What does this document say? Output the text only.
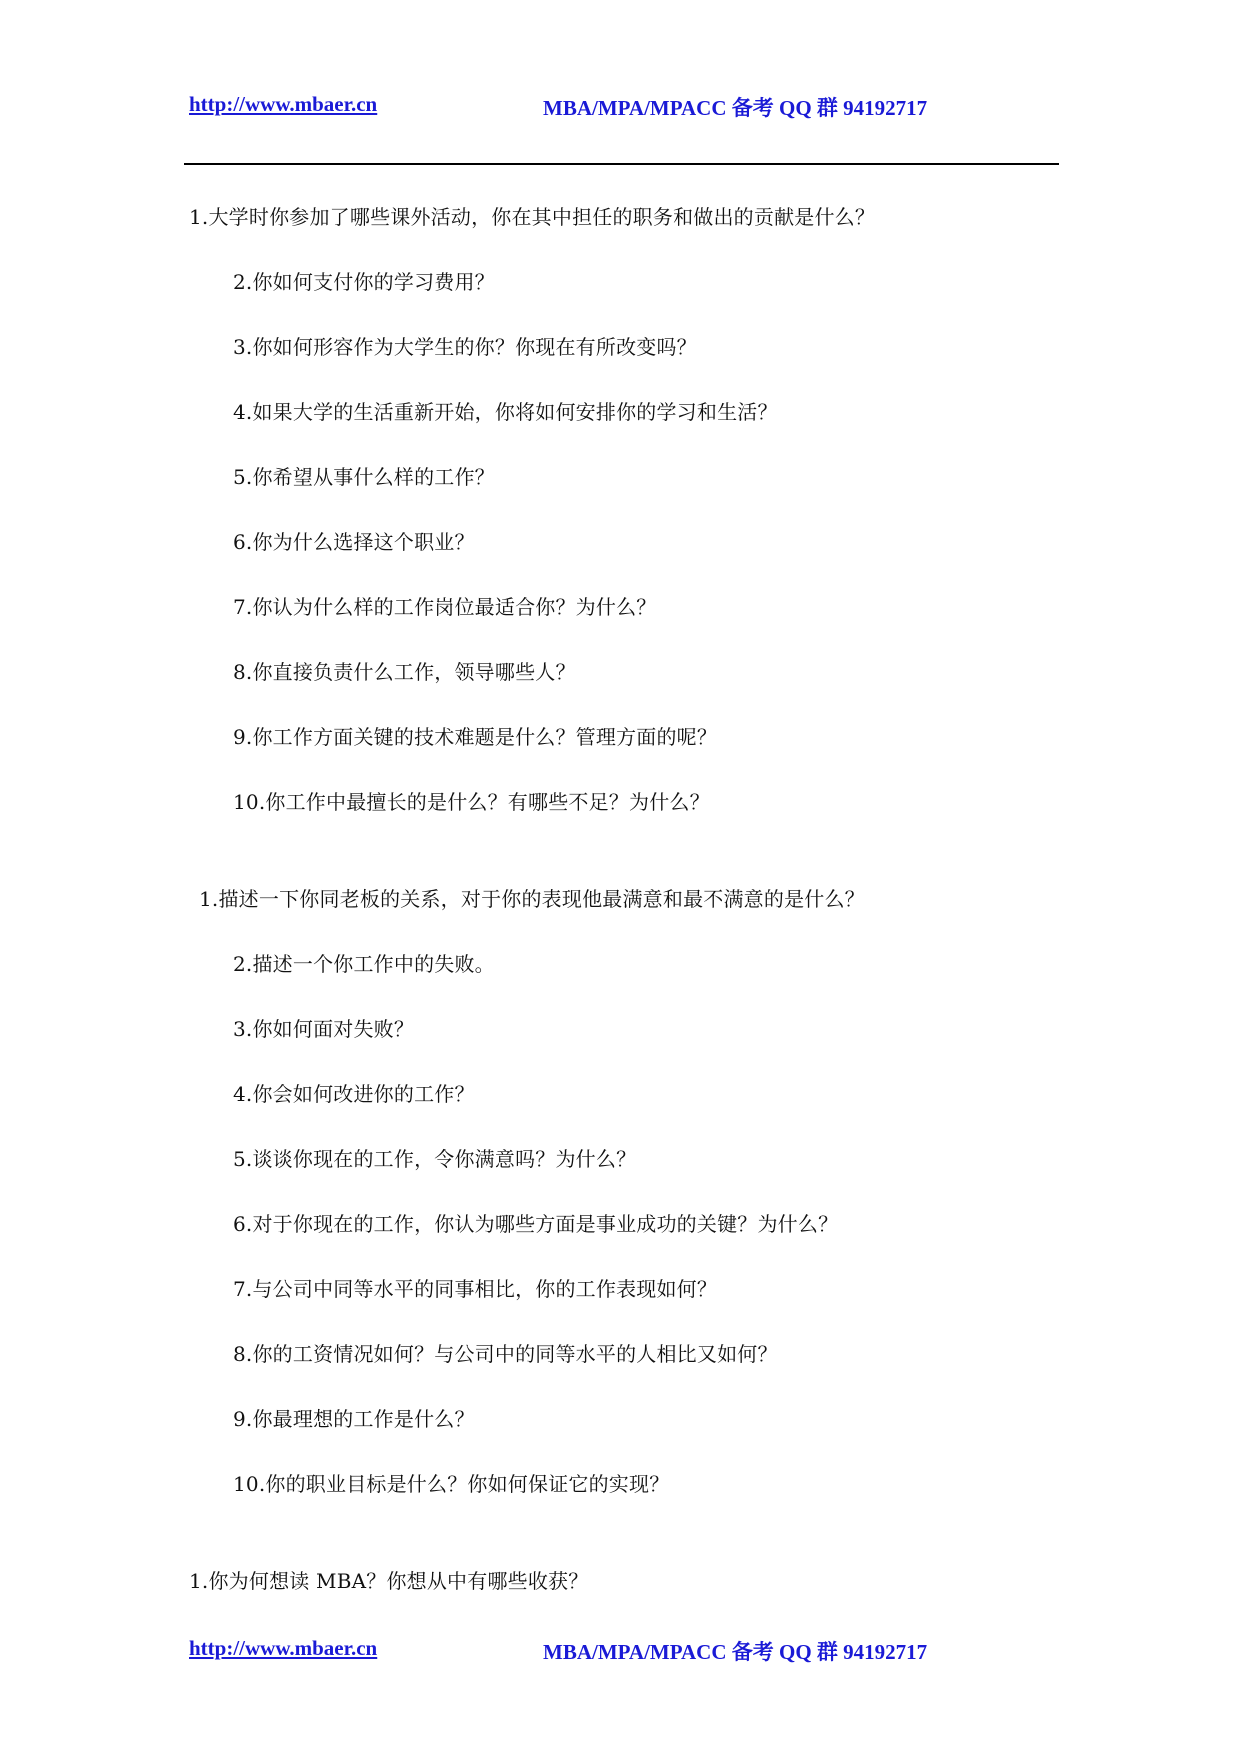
http://www.mbaer.cn	MBA/MPA/MPACC 备考 QQ 群 94192717
1.大学时你参加了哪些课外活动，你在其中担任的职务和做出的贡献是什么？
2.你如何支付你的学习费用？
3.你如何形容作为大学生的你？你现在有所改变吗？
4.如果大学的生活重新开始，你将如何安排你的学习和生活？
5.你希望从事什么样的工作？
6.你为什么选择这个职业？
7.你认为什么样的工作岗位最适合你？为什么？
8.你直接负责什么工作，领导哪些人？
9.你工作方面关键的技术难题是什么？管理方面的呢？
10.你工作中最擅长的是什么？有哪些不足？为什么？
1.描述一下你同老板的关系，对于你的表现他最满意和最不满意的是什么？
2.描述一个你工作中的失败。
3.你如何面对失败？
4.你会如何改进你的工作？
5.谈谈你现在的工作，令你满意吗？为什么？
6.对于你现在的工作，你认为哪些方面是事业成功的关键？为什么？
7.与公司中同等水平的同事相比，你的工作表现如何？
8.你的工资情况如何？与公司中的同等水平的人相比又如何？
9.你最理想的工作是什么？
10.你的职业目标是什么？你如何保证它的实现？
1.你为何想读 MBA？你想从中有哪些收获？
http://www.mbaer.cn	MBA/MPA/MPACC 备考 QQ 群 94192717
